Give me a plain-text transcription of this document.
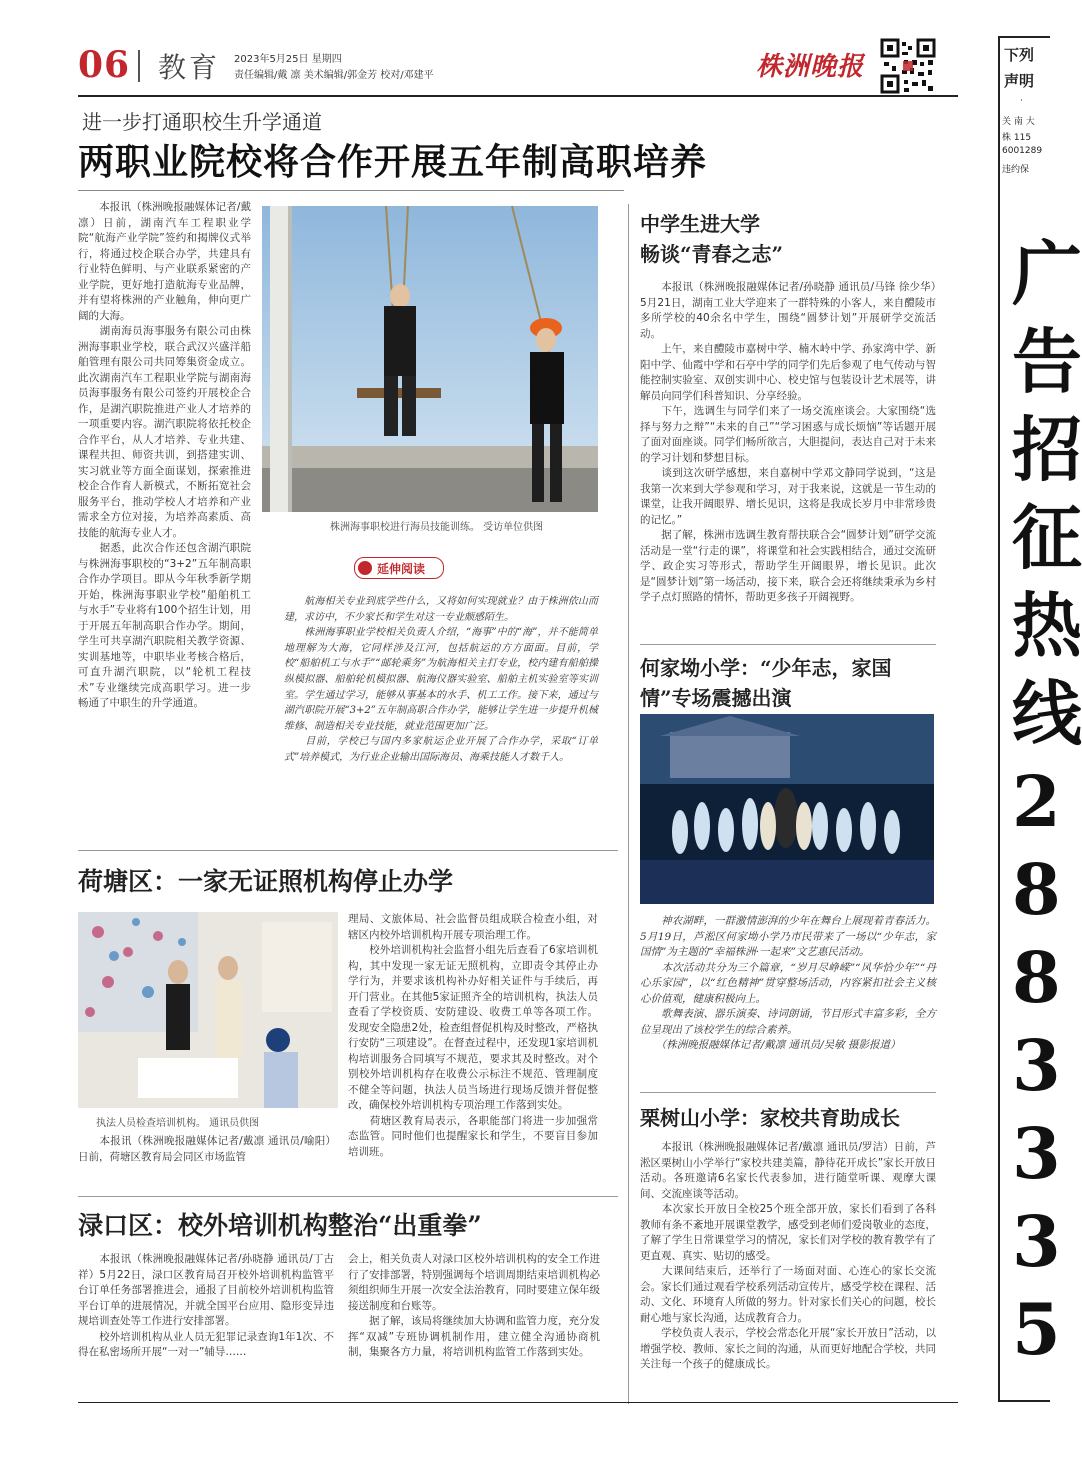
06 教育 2023年5月25日 星期四
责任编辑/戴 凛 美术编辑/郭金芳 校对/邓建平	株洲晚报
进一步打通职校生升学通道
两职业院校将合作开展五年制高职培养
　　本报讯（株洲晚报融媒体记者/戴凛）日前，湖南汽车工程职业学院“航海产业学院”签约和揭牌仪式举行，将通过校企联合办学，共建具有行业特色鲜明、与产业联系紧密的产业学院，更好地打造航海专业品牌，并有望将株洲的产业触角，伸向更广阔的大海。
　　湖南海员海事服务有限公司由株洲海事职业学校，联合武汉兴盛洋船舶管理有限公司共同筹集资金成立。此次湖南汽车工程职业学院与湖南海员海事服务有限公司签约开展校企合作，是湖汽职院推进产业人才培养的一项重要内容。湖汽职院将依托校企合作平台，从人才培养、专业共建、课程共担、师资共训，到搭建实训、实习就业等方面全面谋划，探索推进校企合作育人新模式，不断拓宽社会服务平台，推动学校人才培养和产业需求全方位对接，为培养高素质、高技能的航海专业人才。
　　据悉，此次合作还包含湖汽职院与株洲海事职校的“3+2”五年制高职合作办学项目。即从今年秋季新学期开始，株洲海事职业学校“船舶机工与水手”专业将有100个招生计划，用于开展五年制高职合作办学。期间，学生可共享湖汽职院相关教学资源、实训基地等，中职毕业考核合格后，可直升湖汽职院，以“轮机工程技术”专业继续完成高职学习。进一步畅通了中职生的升学通道。
株洲海事职校进行海员技能训练。 受访单位供图
延伸阅读
　　航海相关专业到底学些什么，又将如何实现就业？由于株洲依山而建，求访中，不少家长和学生对这一专业颇感陌生。
　　株洲海事职业学校相关负责人介绍，“海事”中的“海”，并不能简单地理解为大海，它同样涉及江河，包括航运的方方面面。目前，学校“船舶机工与水手”“邮轮乘务”为航海相关主打专业，校内建有船舶操纵模拟器、船舶轮机模拟器、航海仪器实验室、船舶主机实验室等实训室。学生通过学习，能够从事基本的水手、机工工作。接下来，通过与湖汽职院开展“3+2”五年制高职合作办学，能够让学生进一步提升机械维修、制造相关专业技能，就业范围更加广泛。
　　目前，学校已与国内多家航运企业开展了合作办学，采取“订单式”培养模式，为行业企业输出国际海员、海乘技能人才数千人。
中学生进大学
畅谈“青春之志”
　　本报讯（株洲晚报融媒体记者/孙晓静 通讯员/马锋 徐少华）5月21日，湖南工业大学迎来了一群特殊的小客人，来自醴陵市多所学校的40余名中学生，围绕“圆梦计划”开展研学交流活动。
　　上午，来自醴陵市嘉树中学、楠木岭中学、孙家湾中学、新阳中学、仙霞中学和石亭中学的同学们先后参观了电气传动与智能控制实验室、双创实训中心、校史馆与包装设计艺术展等，讲解员向同学们科普知识、分享经验。
　　下午，选调生与同学们来了一场交流座谈会。大家围绕“选择与努力之辩”“未来的自己”“学习困惑与成长烦恼”等话题开展了面对面座谈。同学们畅所欲言，大胆提问，表达自己对于未来的学习计划和梦想目标。
　　谈到这次研学感想，来自嘉树中学邓文静同学说到，“这是我第一次来到大学参观和学习，对于我来说，这就是一节生动的课堂，让我开阔眼界、增长见识，这将是我成长岁月中非常珍贵的记忆。”
　　据了解，株洲市选调生教育帮扶联合会“圆梦计划”研学交流活动是一堂“行走的课”，将课堂和社会实践相结合，通过交流研学、政企实习等形式，帮助学生开阔眼界，增长见识。此次是“圆梦计划”第一场活动，接下来，联合会还将继续秉承为乡村学子点灯照路的情怀，帮助更多孩子开阔视野。
何家坳小学：“少年志，家国
情”专场震撼出演
　　神农湖畔，一群激情澎湃的少年在舞台上展现着青春活力。5月19日，芦淞区何家坳小学乃市民带来了一场以“少年志，家国情”为主题的“幸福株洲·一起来”文艺惠民活动。
　　本次活动共分为三个篇章，“岁月尽峥嵘”“风华恰少年”“丹心乐家园”，以“红色精神”贯穿整场活动，内容紧扣社会主义核心价值观，健康积极向上。
　　歌舞表演、器乐演奏、诗词朗诵，节目形式丰富多彩，全方位呈现出了该校学生的综合素养。
　　（株洲晚报融媒体记者/戴凛 通讯员/吴敏 摄影报道）
栗树山小学：家校共育助成长
　　本报讯（株洲晚报融媒体记者/戴凛 通讯员/罗洁）日前，芦淞区栗树山小学举行“家校共建美篇，静待花开成长”家长开放日活动。各班邀请6名家长代表参加，进行随堂听课、观摩大课间、交流座谈等活动。
　　本次家长开放日全校25个班全部开放，家长们看到了各科教师有条不紊地开展课堂教学，感受到老师们爱岗敬业的态度，了解了学生日常课堂学习的情况，家长们对学校的教育教学有了更直观、真实、贴切的感受。
　　大课间结束后，还举行了一场面对面、心连心的家长交流会。家长们通过观看学校系列活动宣传片，感受学校在课程、活动、文化、环境育人所做的努力。针对家长们关心的问题，校长耐心地与家长沟通，达成教育合力。
　　学校负责人表示，学校会常态化开展“家长开放日”活动，以增强学校、教师、家长之间的沟通，从而更好地配合学校，共同关注每一个孩子的健康成长。
荷塘区：一家无证照机构停止办学
执法人员检查培训机构。 通讯员供图
　　本报讯（株洲晚报融媒体记者/戴凛 通讯员/喻阳）日前，荷塘区教育局会同区市场监管
理局、文旅体局、社会监督员组成联合检查小组，对辖区内校外培训机构开展专项治理工作。
　　校外培训机构社会监督小组先后查看了6家培训机构，其中发现一家无证无照机构，立即责令其停止办学行为，并要求该机构补办好相关证件与手续后，再开门营业。在其他5家证照齐全的培训机构，执法人员查看了学校资质、安防建设、收费工单等各项工作。发现安全隐患2处，检查组督促机构及时整改，严格执行安防“三项建设”。在督查过程中，还发现1家培训机构培训服务合同填写不规范，要求其及时整改。对个别校外培训机构存在收费公示标注不规范、管理制度不健全等问题，执法人员当场进行现场反馈并督促整改，确保校外培训机构专项治理工作落到实处。
　　荷塘区教育局表示，各职能部门将进一步加强常态监管。同时他们也提醒家长和学生，不要盲目参加培训班。
渌口区：校外培训机构整治“出重拳”
　　本报讯（株洲晚报融媒体记者/孙晓静 通讯员/丁古祥）5月22日，渌口区教育局召开校外培训机构监管平台订单任务部署推进会，通报了目前校外培训机构监管平台订单的进展情况，并就全国平台应用、隐形变异违规培训查处等工作进行安排部署。
　　校外培训机构从业人员无犯罪记录查询1年1次、不得在私密场所开展“一对一”辅导……
会上，相关负责人对渌口区校外培训机构的安全工作进行了安排部署，特别强调每个培训周期结束培训机构必须组织师生开展一次安全法治教育，同时要建立保年级接送制度和台账等。
　　据了解，该局将继续加大协调和监管力度，充分发挥“双减”专班协调机制作用，建立健全沟通协商机制，集聚各方力量，将培训机构监管工作落到实处。
下列
声明
·
关 南 大
株 115
6001289
违约保
广
告
招
征
热
线
2
8
8
3
3
3
5
